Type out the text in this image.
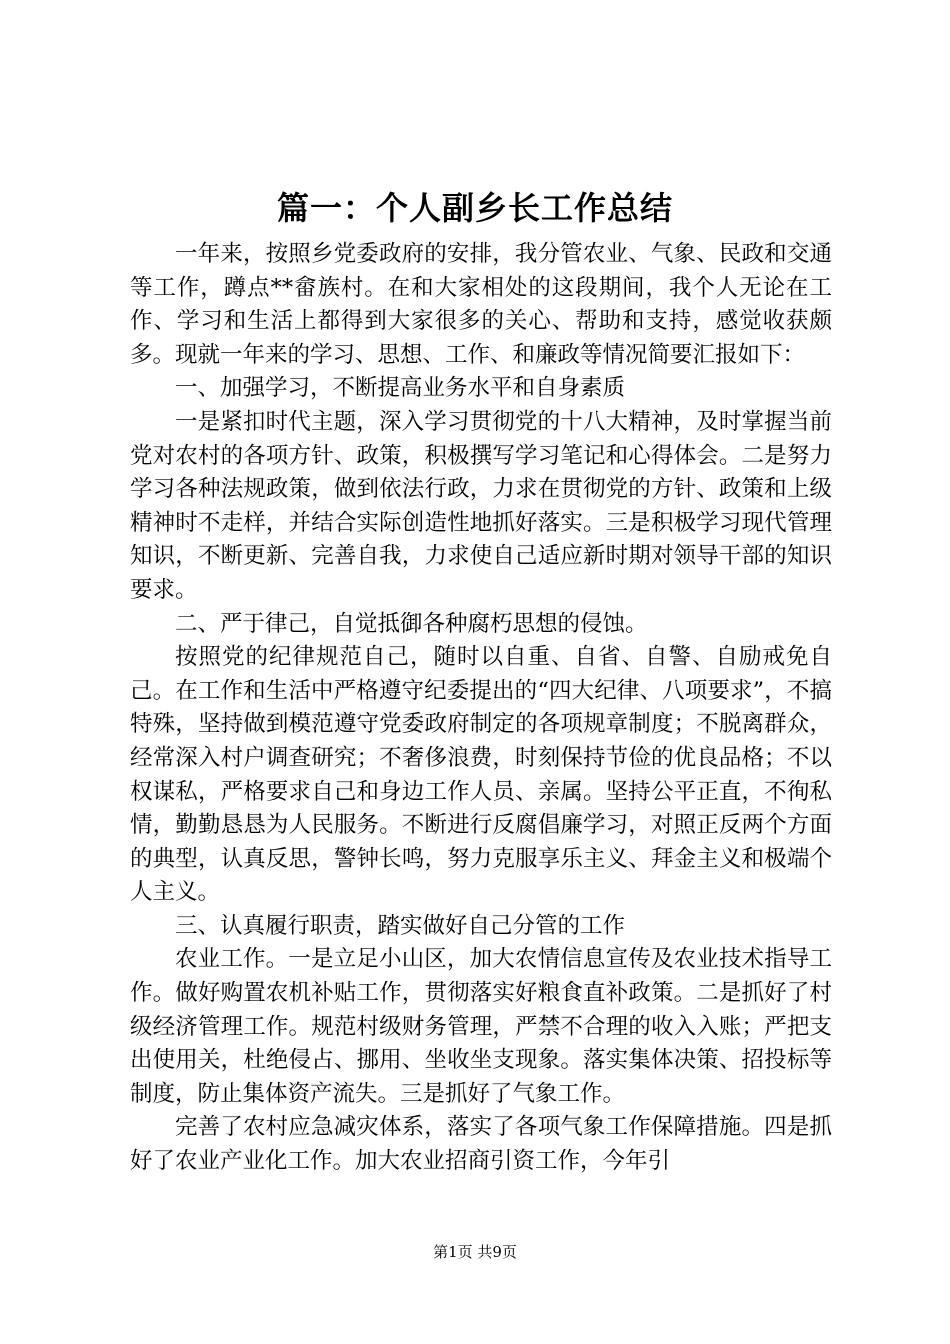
篇一：个人副乡长工作总结

一年来，按照乡党委政府的安排，我分管农业、气象、民政和交通等工作，蹲点**畲族村。在和大家相处的这段期间，我个人无论在工作、学习和生活上都得到大家很多的关心、帮助和支持，感觉收获颇多。现就一年来的学习、思想、工作、和廉政等情况简要汇报如下：

一、加强学习，不断提高业务水平和自身素质

一是紧扣时代主题，深入学习贯彻党的十八大精神，及时掌握当前党对农村的各项方针、政策，积极撰写学习笔记和心得体会。二是努力学习各种法规政策，做到依法行政，力求在贯彻党的方针、政策和上级精神时不走样，并结合实际创造性地抓好落实。三是积极学习现代管理知识，不断更新、完善自我，力求使自己适应新时期对领导干部的知识要求。

二、严于律己，自觉抵御各种腐朽思想的侵蚀。

按照党的纪律规范自己，随时以自重、自省、自警、自励戒免自己。在工作和生活中严格遵守纪委提出的“四大纪律、八项要求”，不搞特殊，坚持做到模范遵守党委政府制定的各项规章制度；不脱离群众，经常深入村户调查研究；不奢侈浪费，时刻保持节俭的优良品格；不以权谋私，严格要求自己和身边工作人员、亲属。坚持公平正直，不徇私情，勤勤恳恳为人民服务。不断进行反腐倡廉学习，对照正反两个方面的典型，认真反思，警钟长鸣，努力克服享乐主义、拜金主义和极端个人主义。

三、认真履行职责，踏实做好自己分管的工作

农业工作。一是立足小山区，加大农情信息宣传及农业技术指导工作。做好购置农机补贴工作，贯彻落实好粮食直补政策。二是抓好了村级经济管理工作。规范村级财务管理，严禁不合理的收入入账；严把支出使用关，杜绝侵占、挪用、坐收坐支现象。落实集体决策、招投标等制度，防止集体资产流失。三是抓好了气象工作。

完善了农村应急减灾体系，落实了各项气象工作保障措施。四是抓好了农业产业化工作。加大农业招商引资工作，今年引

第1页 共9页
